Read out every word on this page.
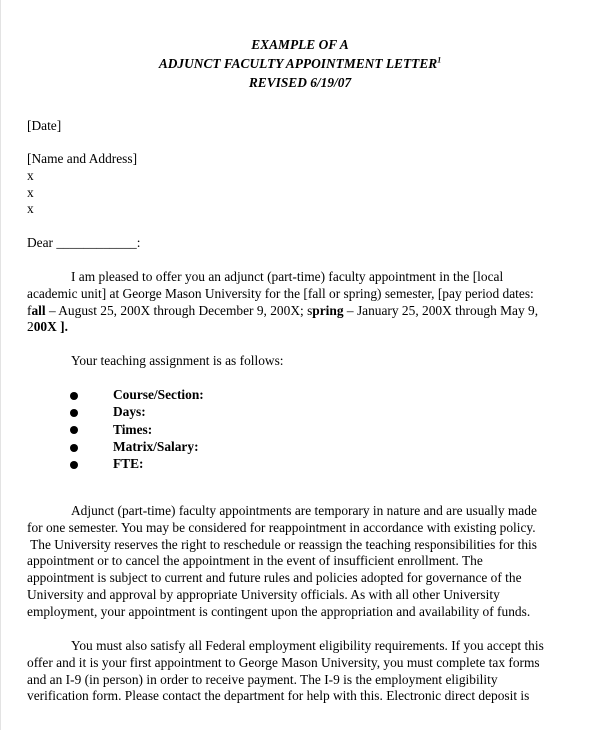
EXAMPLE OF A
ADJUNCT FACULTY APPOINTMENT LETTER$^1$
REVISED 6/19/07
[Date]
[Name and Address]
x
x
x
Dear ____________:
I am pleased to offer you an adjunct (part-time) faculty appointment in the [local
academic unit] at George Mason University for the [fall or spring) semester, [pay period dates:
fall – August 25, 200X through December 9, 200X; spring – January 25, 200X through May 9,
200X ].
Your teaching assignment is as follows:
Course/Section:
Days:
Times:
Matrix/Salary:
FTE:
Adjunct (part-time) faculty appointments are temporary in nature and are usually made
for one semester. You may be considered for reappointment in accordance with existing policy.
The University reserves the right to reschedule or reassign the teaching responsibilities for this
appointment or to cancel the appointment in the event of insufficient enrollment. The
appointment is subject to current and future rules and policies adopted for governance of the
University and approval by appropriate University officials. As with all other University
employment, your appointment is contingent upon the appropriation and availability of funds.
You must also satisfy all Federal employment eligibility requirements. If you accept this
offer and it is your first appointment to George Mason University, you must complete tax forms
and an I-9 (in person) in order to receive payment. The I-9 is the employment eligibility
verification form. Please contact the department for help with this. Electronic direct deposit is
